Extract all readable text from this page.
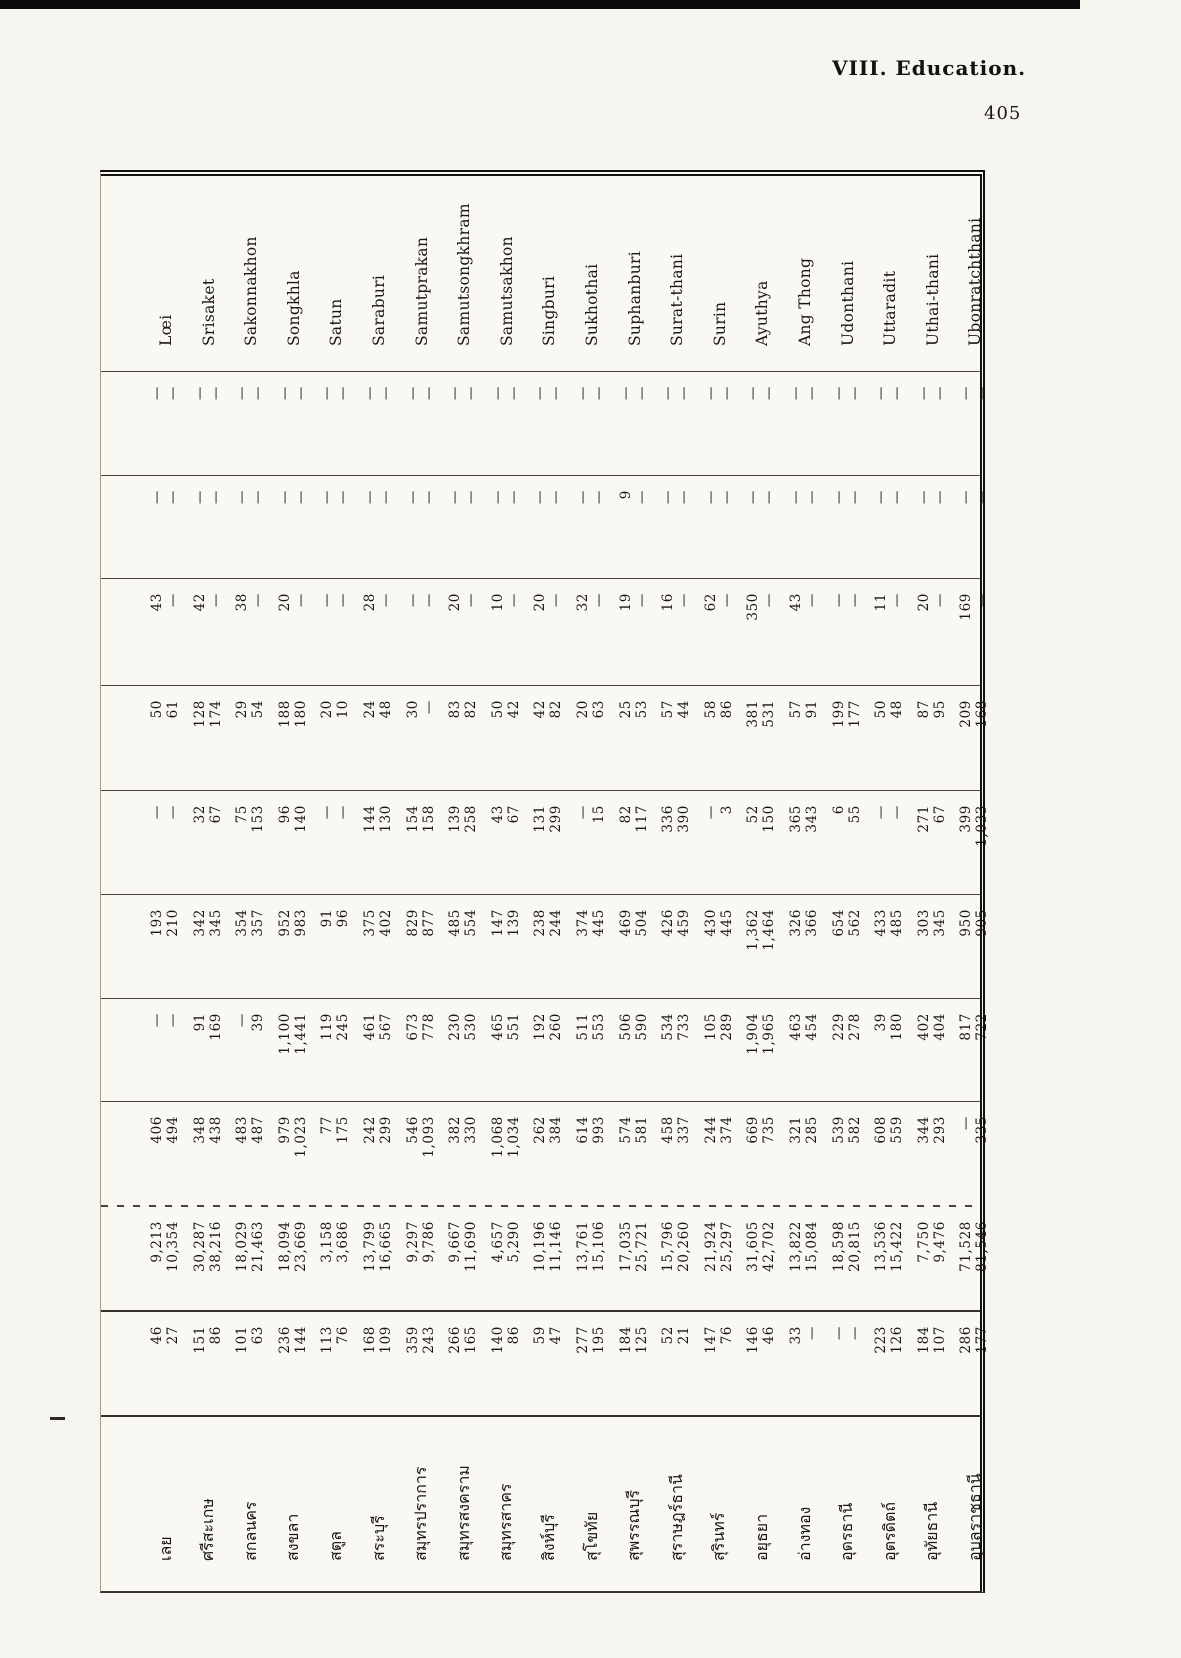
VIII. Education.
405
เลย
46 27
9,213 10,354
406 494
— —
193 210
— —
50 61
43 —
— —
— —
Lœi
ศรีสะเกษ
151 86
30,287 38,216
348 438
91 169
342 345
32 67
128 174
42 —
— —
— —
Srisaket
สกลนคร
101 63
18,029 21,463
483 487
— 39
354 357
75 153
29 54
38 —
— —
— —
Sakonnakhon
สงขลา
236 144
18,094 23,669
979 1,023
1,100 1,441
952 983
96 140
188 180
20 —
— —
— —
Songkhla
สตูล
113 76
3,158 3,686
77 175
119 245
91 96
— —
20 10
— —
— —
— —
Satun
สระบุรี
168 109
13,799 16,665
242 299
461 567
375 402
144 130
24 48
28 —
— —
— —
Saraburi
สมุทรปราการ
359 243
9,297 9,786
546 1,093
673 778
829 877
154 158
30 —
— —
— —
— —
Samutprakan
สมุทรสงคราม
266 165
9,667 11,690
382 330
230 530
485 554
139 258
83 82
20 —
— —
— —
Samutsongkhram
สมุทรสาคร
140 86
4,657 5,290
1,068 1,034
465 551
147 139
43 67
50 42
10 —
— —
— —
Samutsakhon
สิงห์บุรี
59 47
10,196 11,146
262 384
192 260
238 244
131 299
42 82
20 —
— —
— —
Singburi
สุโขทัย
277 195
13,761 15,106
614 993
511 553
374 445
— 15
20 63
32 —
— —
— —
Sukhothai
สุพรรณบุรี
184 125
17,035 25,721
574 581
506 590
469 504
82 117
25 53
19 —
9 —
— —
Suphanburi
สุราษฎร์ธานี
52 21
15,796 20,260
458 337
534 733
426 459
336 390
57 44
16 —
— —
— —
Surat-thani
สุรินทร์
147 76
21,924 25,297
244 374
105 289
430 445
— 3
58 86
62 —
— —
— —
Surin
อยุธยา
146 46
31,605 42,702
669 735
1,904 1,965
1,362 1,464
52 150
381 531
350 —
— —
— —
Ayuthya
อ่างทอง
33 —
13,822 15,084
321 285
463 454
326 366
365 343
57 91
43 —
— —
— —
Ang Thong
อุดรธานี
— —
18,598 20,815
539 582
229 278
654 562
6 55
199 177
— —
— —
— —
Udonthani
อุตรดิตถ์
223 126
13,536 15,422
608 559
39 180
433 485
— —
50 48
11 —
— —
— —
Uttaradit
อุทัยธานี
184 107
7,750 9,476
344 293
402 404
303 345
271 67
87 95
20 —
— —
— —
Uthai-thani
อุบลราชธานี
286 177
71,528 81,546
— 335
817 722
950 905
399 1,033
209 168
169 —
— —
— —
Ubonratchthani
